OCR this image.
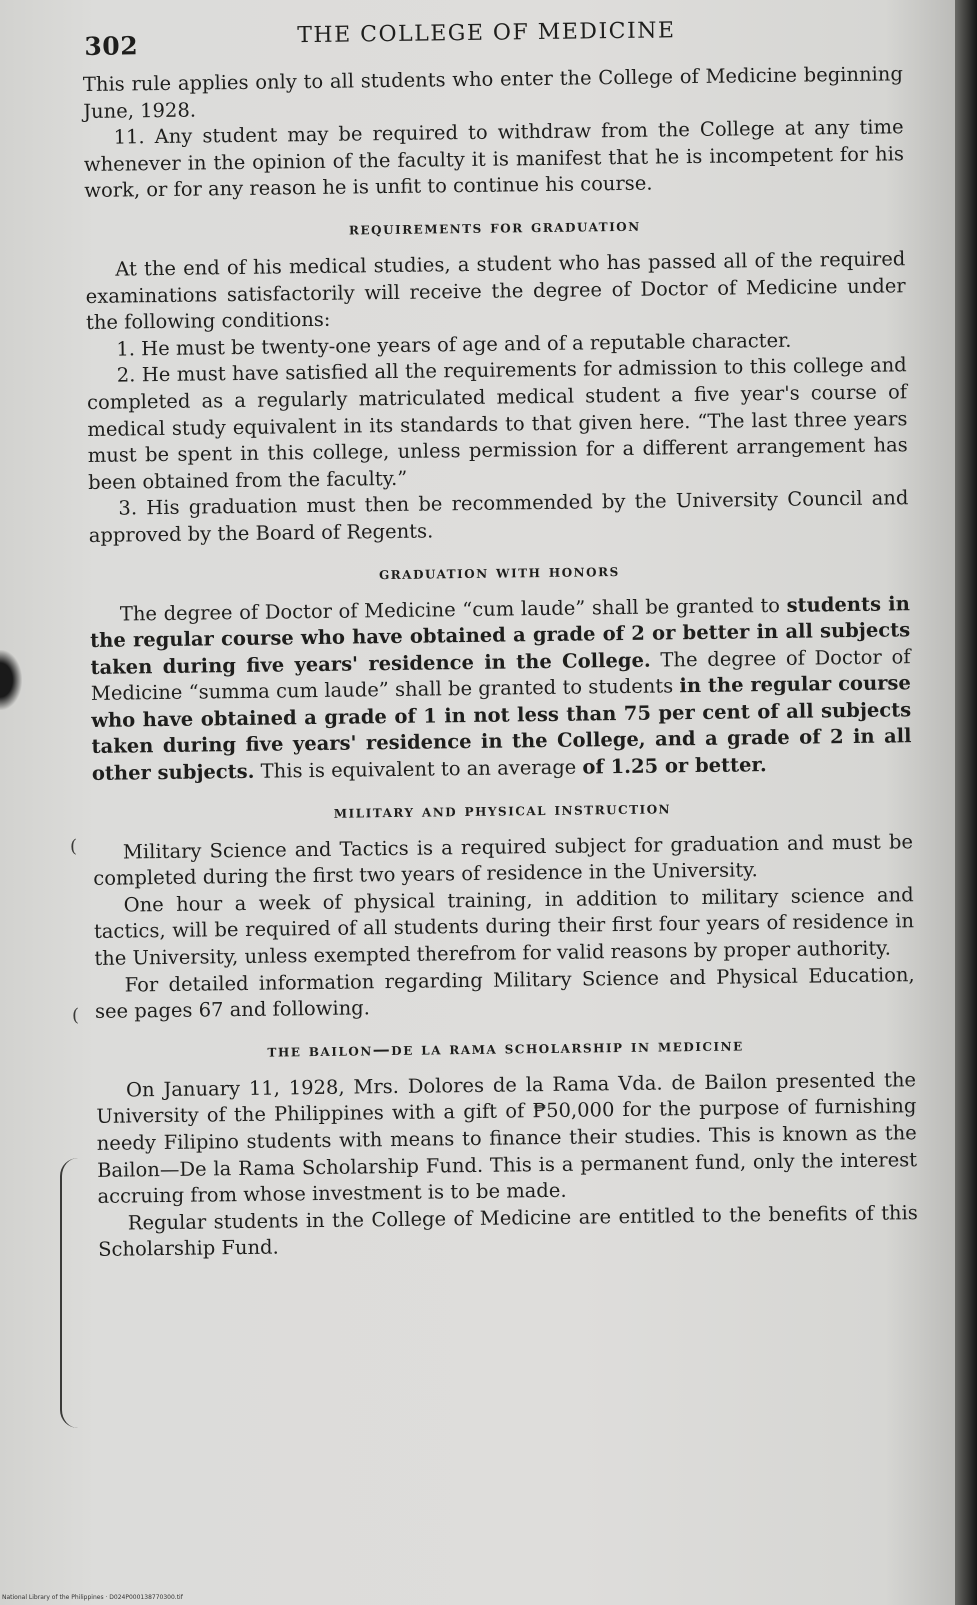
302	THE COLLEGE OF MEDICINE

This rule applies only to all students who enter the College of Medicine beginning June, 1928.

11. Any student may be required to withdraw from the College at any time whenever in the opinion of the faculty it is manifest that he is incompetent for his work, or for any reason he is unfit to continue his course.

requirements for graduation

At the end of his medical studies, a student who has passed all of the required examinations satisfactorily will receive the degree of Doctor of Medicine under the following conditions:

1. He must be twenty-one years of age and of a reputable character.

2. He must have satisfied all the requirements for admission to this college and completed as a regularly matriculated medical student a five year's course of medical study equivalent in its standards to that given here. “The last three years must be spent in this college, unless permission for a different arrangement has been obtained from the faculty.”

3. His graduation must then be recommended by the University Council and approved by the Board of Regents.

graduation with honors

The degree of Doctor of Medicine “cum laude” shall be granted to students in the regular course who have obtained a grade of 2 or better in all subjects taken during five years' residence in the College. The degree of Doctor of Medicine “summa cum laude” shall be granted to students in the regular course who have obtained a grade of 1 in not less than 75 per cent of all subjects taken during five years' residence in the College, and a grade of 2 in all other subjects. This is equivalent to an average of 1.25 or better.

military and physical instruction

Military Science and Tactics is a required subject for graduation and must be completed during the first two years of residence in the University.

One hour a week of physical training, in addition to military science and tactics, will be required of all students during their first four years of residence in the University, unless exempted therefrom for valid reasons by proper authority.

For detailed information regarding Military Science and Physical Education, see pages 67 and following.

the bailon—de la rama scholarship in medicine

On January 11, 1928, Mrs. Dolores de la Rama Vda. de Bailon presented the University of the Philippines with a gift of ₱50,000 for the purpose of furnishing needy Filipino students with means to finance their studies. This is known as the Bailon—De la Rama Scholarship Fund. This is a permanent fund, only the interest accruing from whose investment is to be made.

Regular students in the College of Medicine are entitled to the benefits of this Scholarship Fund.

(
(
National Library of the Philippines · D024P000138770300.tif
